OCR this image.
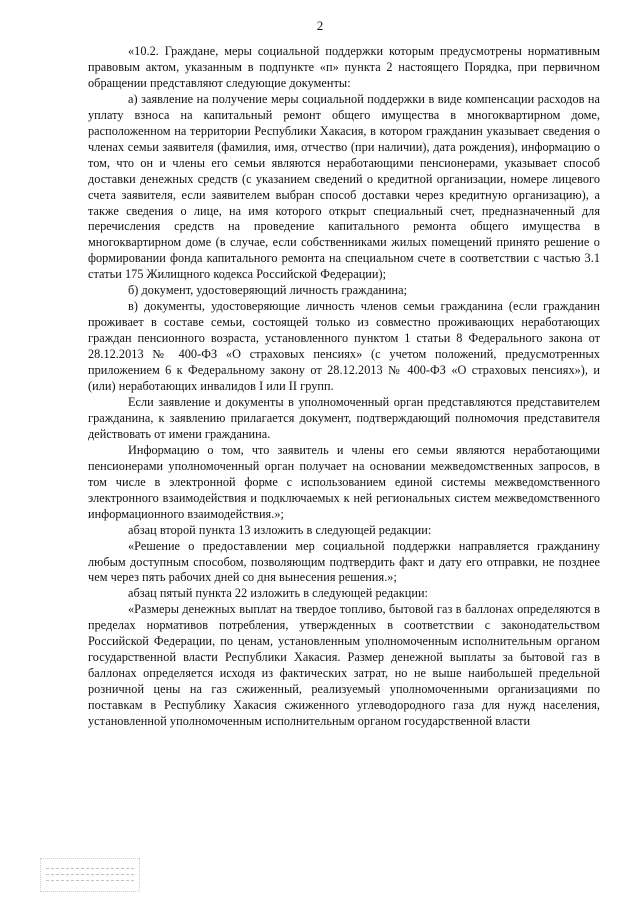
2

«10.2. Граждане, меры социальной поддержки которым предусмотрены нормативным правовым актом, указанным в подпункте «п» пункта 2 настоящего Порядка, при первичном обращении представляют следующие документы:

а) заявление на получение меры социальной поддержки в виде компенсации расходов на уплату взноса на капитальный ремонт общего имущества в многоквартирном доме, расположенном на территории Республики Хакасия, в котором гражданин указывает сведения о членах семьи заявителя (фамилия, имя, отчество (при наличии), дата рождения), информацию о том, что он и члены его семьи являются неработающими пенсионерами, указывает способ доставки денежных средств (с указанием сведений о кредитной организации, номере лицевого счета заявителя, если заявителем выбран способ доставки через кредитную организацию), а также сведения о лице, на имя которого открыт специальный счет, предназначенный для перечисления средств на проведение капитального ремонта общего имущества в многоквартирном доме (в случае, если собственниками жилых помещений принято решение о формировании фонда капитального ремонта на специальном счете в соответствии с частью 3.1 статьи 175 Жилищного кодекса Российской Федерации);

б) документ, удостоверяющий личность гражданина;

в) документы, удостоверяющие личность членов семьи гражданина (если гражданин проживает в составе семьи, состоящей только из совместно проживающих неработающих граждан пенсионного возраста, установленного пунктом 1 статьи 8 Федерального закона от 28.12.2013 № 400-ФЗ «О страховых пенсиях» (с учетом положений, предусмотренных приложением 6 к Федеральному закону от 28.12.2013 № 400-ФЗ «О страховых пенсиях»), и (или) неработающих инвалидов I или II групп.

Если заявление и документы в уполномоченный орган представляются представителем гражданина, к заявлению прилагается документ, подтверждающий полномочия представителя действовать от имени гражданина.

Информацию о том, что заявитель и члены его семьи являются неработающими пенсионерами уполномоченный орган получает на основании межведомственных запросов, в том числе в электронной форме с использованием единой системы межведомственного электронного взаимодействия и подключаемых к ней региональных систем межведомственного информационного взаимодействия.»;

абзац второй пункта 13 изложить в следующей редакции:

«Решение о предоставлении мер социальной поддержки направляется гражданину любым доступным способом, позволяющим подтвердить факт и дату его отправки, не позднее чем через пять рабочих дней со дня вынесения решения.»;

абзац пятый пункта 22 изложить в следующей редакции:

«Размеры денежных выплат на твердое топливо, бытовой газ в баллонах определяются в пределах нормативов потребления, утвержденных в соответствии с законодательством Российской Федерации, по ценам, установленным уполномоченным исполнительным органом государственной власти Республики Хакасия. Размер денежной выплаты за бытовой газ в баллонах определяется исходя из фактических затрат, но не выше наибольшей предельной розничной цены на газ сжиженный, реализуемый уполномоченными организациями по поставкам в Республику Хакасия сжиженного углеводородного газа для нужд населения, установленной уполномоченным исполнительным органом государственной власти
